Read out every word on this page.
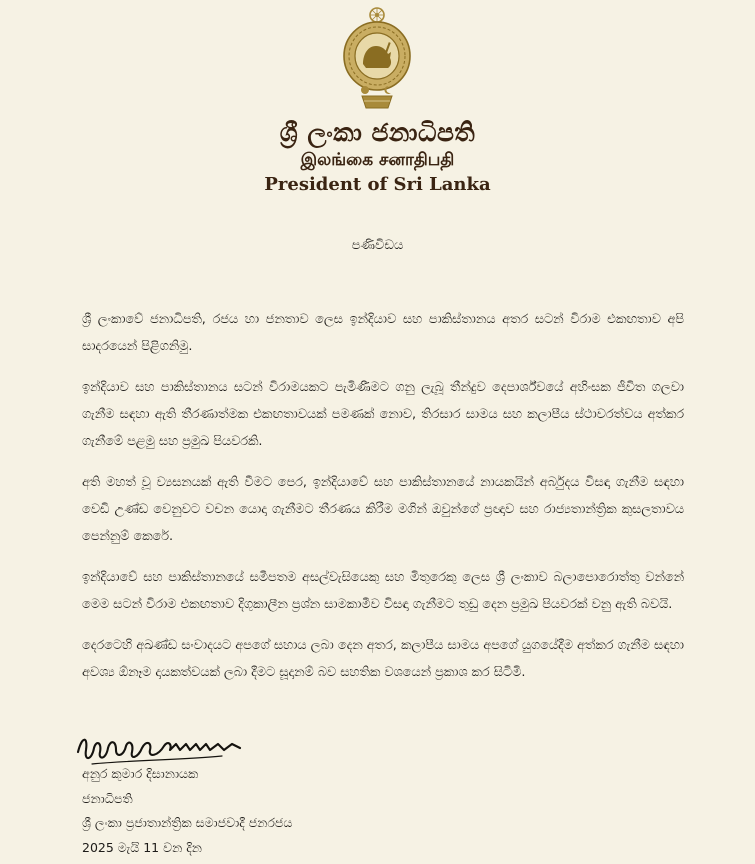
ශ්‍රී ලංකා ජනාධිපති
இலங்கை சனாதிபதி
President of Sri Lanka
පණිවිඩය

ශ්‍රී ලංකාවේ ජනාධිපති, රජය හා ජනතාව ලෙස ඉන්දියාව සහ පාකිස්තානය අතර සටන් විරාම එකඟතාව අපි සාදරයෙන් පිළිගනිමු.

ඉන්දියාව සහ පාකිස්තානය සටන් විරාමයකට පැමිණීමට ගනු ලැබූ තීන්දුව දෙපාර්ශ්වයේ අහිංසක ජීවිත ගලවා ගැනීම සඳහා ඇති තීරණාත්මක එකඟතාවයක් පමණක් නොව, තිරසාර සාමය සහ කලාපීය ස්ථාවරත්වය අත්කර ගැනීමේ පළමු සහ ප්‍රමුඛ පියවරකි.

අති මහත් වූ ව්‍යසනයක් ඇති වීමට පෙර, ඉන්දියාවේ සහ පාකිස්තානයේ නායකයින් අර්බුදය විසඳා ගැනීම සඳහා වෙඩි උණ්ඩ වෙනුවට වචන යොදා ගැනීමට තීරණය කිරීම මගින් ඔවුන්ගේ ප්‍රඥාව සහ රාජ්‍යතාන්ත්‍රික කුසලතාවය පෙන්නුම් කෙරේ.

ඉන්දියාවේ සහ පාකිස්තානයේ සමීපතම අසල්වැසියෙකු සහ මිතුරෙකු ලෙස ශ්‍රී ලංකාව බලාපොරොත්තු වන්නේ මෙම සටන් විරාම එකඟතාව දිගුකාලීන ප්‍රශ්න සාමකාමීව විසඳා ගැනීමට තුඩු දෙන ප්‍රමුඛ පියවරක් වනු ඇති බවයි.

දෙරටෙහි අඛණ්ඩ සංවාදයට අපගේ සහාය ලබා දෙන අතර, කලාපීය සාමය අපගේ යුගයේදීම අත්කර ගැනීම සඳහා අවශ්‍ය ඕනෑම දායකත්වයක් ලබා දීමට සූදානම් බව සහතික වශයෙන් ප්‍රකාශ කර සිටිමි.

අනුර කුමාර දිසානායක
ජනාධිපති
ශ්‍රී ලංකා ප්‍රජාතාන්ත්‍රික සමාජවාදී ජනරජය
2025 මැයි 11 වන දින
